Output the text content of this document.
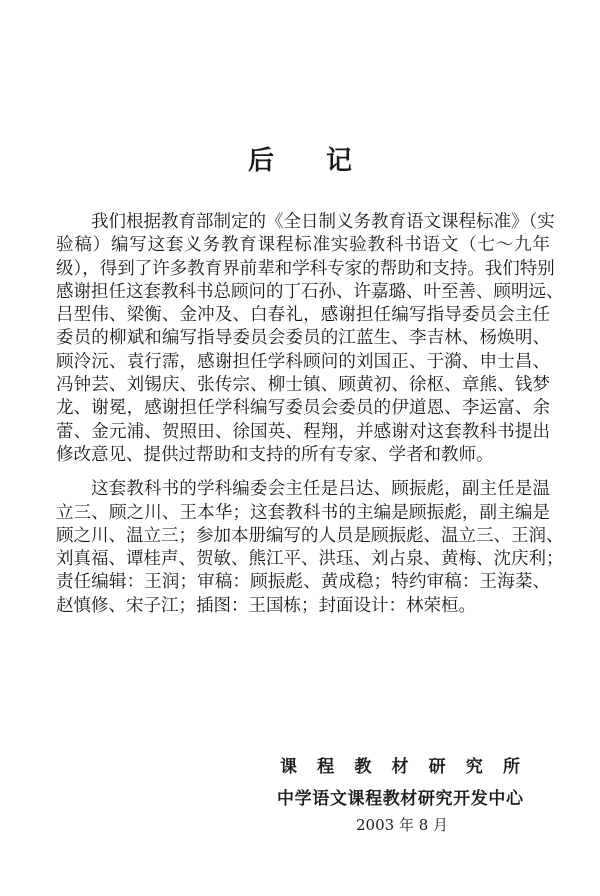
后 记
我们根据教育部制定的《全日制义务教育语文课程标准》（实
验稿）编写这套义务教育课程标准实验教科书语文（七～九年
级），得到了许多教育界前辈和学科专家的帮助和支持。我们特别
感谢担任这套教科书总顾问的丁石孙、许嘉璐、叶至善、顾明远、
吕型伟、梁衡、金冲及、白春礼，感谢担任编写指导委员会主任
委员的柳斌和编写指导委员会委员的江蓝生、李吉林、杨焕明、
顾泠沅、袁行霈，感谢担任学科顾问的刘国正、于漪、申士昌、
冯钟芸、刘锡庆、张传宗、柳士镇、顾黄初、徐枢、章熊、钱梦
龙、谢冕，感谢担任学科编写委员会委员的伊道恩、李运富、余
蕾、金元浦、贺照田、徐国英、程翔，并感谢对这套教科书提出
修改意见、提供过帮助和支持的所有专家、学者和教师。
这套教科书的学科编委会主任是吕达、顾振彪，副主任是温
立三、顾之川、王本华；这套教科书的主编是顾振彪，副主编是
顾之川、温立三；参加本册编写的人员是顾振彪、温立三、王润、
刘真福、谭桂声、贺敏、熊江平、洪珏、刘占泉、黄梅、沈庆利；
责任编辑：王润；审稿：顾振彪、黄成稳；特约审稿：王海棻、
赵慎修、宋子江；插图：王国栋；封面设计：林荣桓。
课 程 教 材 研 究 所
中学语文课程教材研究开发中心
2003 年 8 月
